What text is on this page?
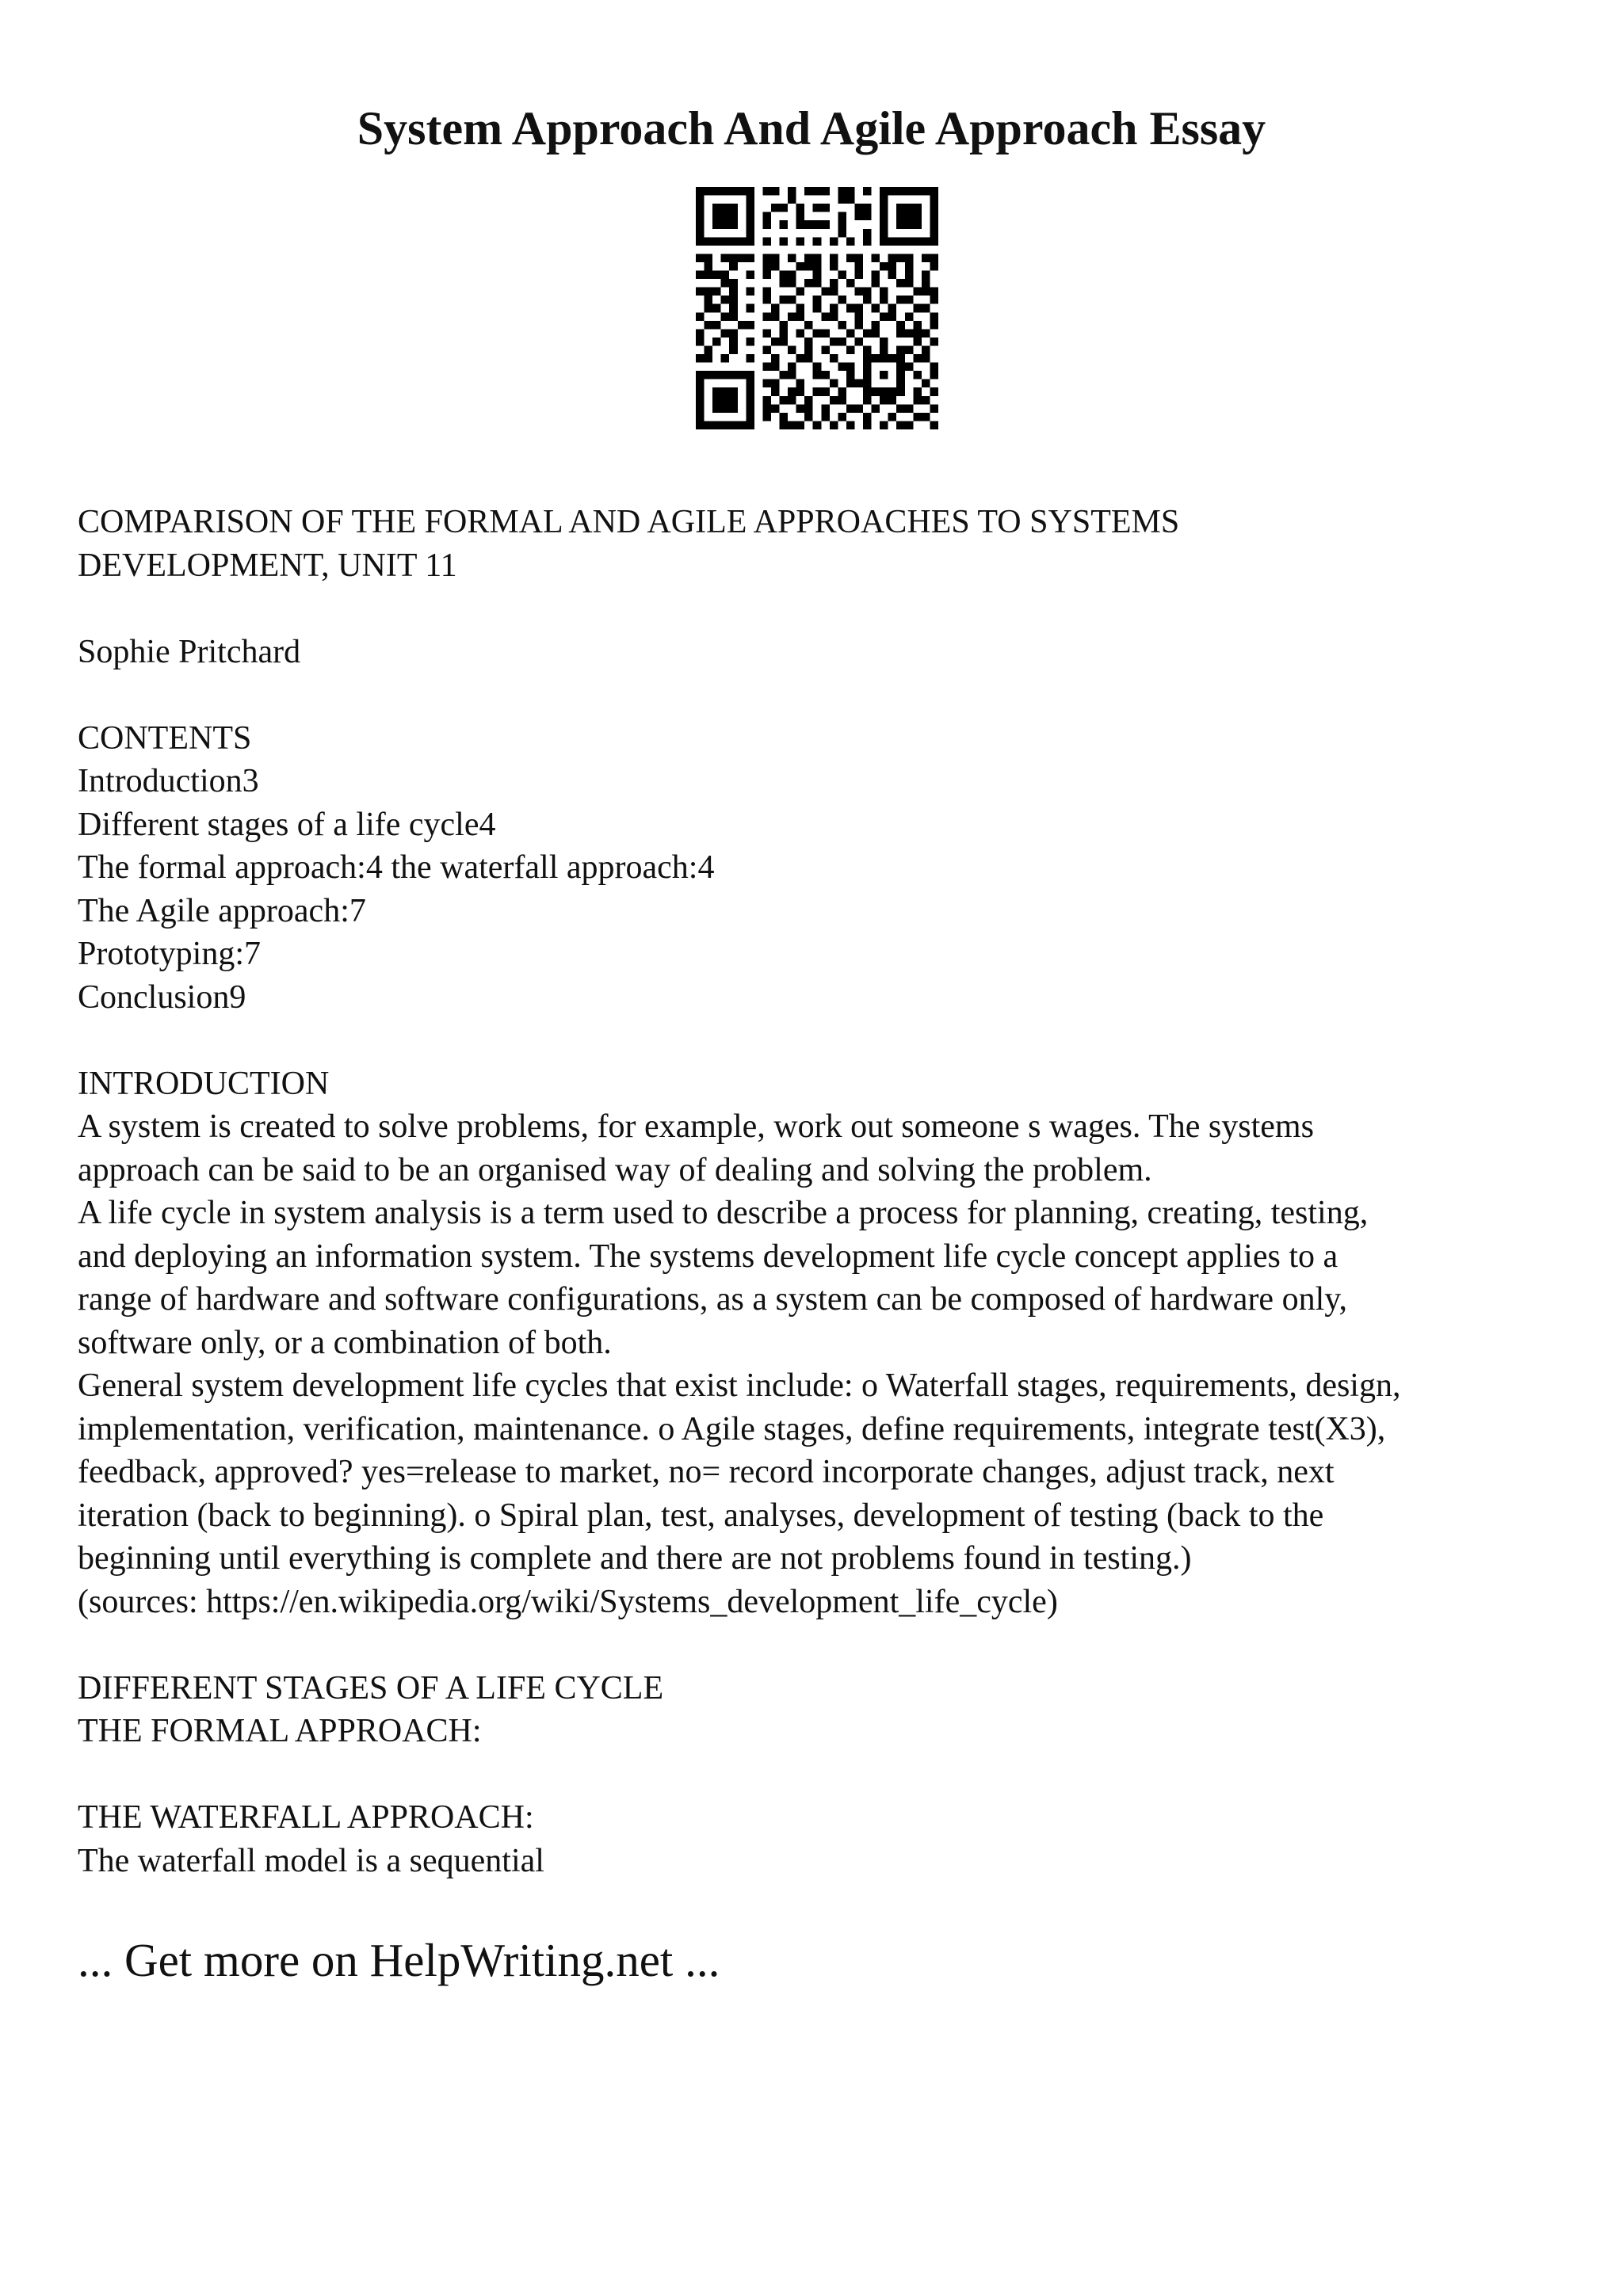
System Approach And Agile Approach Essay

COMPARISON OF THE FORMAL AND AGILE APPROACHES TO SYSTEMS

DEVELOPMENT, UNIT 11

Sophie Pritchard

CONTENTS

Introduction3

Different stages of a life cycle4

The formal approach:4 the waterfall approach:4

The Agile approach:7

Prototyping:7

Conclusion9

INTRODUCTION

A system is created to solve problems, for example, work out someone s wages. The systems

approach can be said to be an organised way of dealing and solving the problem.

A life cycle in system analysis is a term used to describe a process for planning, creating, testing,

and deploying an information system. The systems development life cycle concept applies to a

range of hardware and software configurations, as a system can be composed of hardware only,

software only, or a combination of both.

General system development life cycles that exist include: o Waterfall stages, requirements, design,

implementation, verification, maintenance. o Agile stages, define requirements, integrate test(X3),

feedback, approved? yes=release to market, no= record incorporate changes, adjust track, next

iteration (back to beginning). o Spiral plan, test, analyses, development of testing (back to the

beginning until everything is complete and there are not problems found in testing.)

(sources: https://en.wikipedia.org/wiki/Systems_development_life_cycle)

DIFFERENT STAGES OF A LIFE CYCLE

THE FORMAL APPROACH:

THE WATERFALL APPROACH:

The waterfall model is a sequential

... Get more on HelpWriting.net ...
